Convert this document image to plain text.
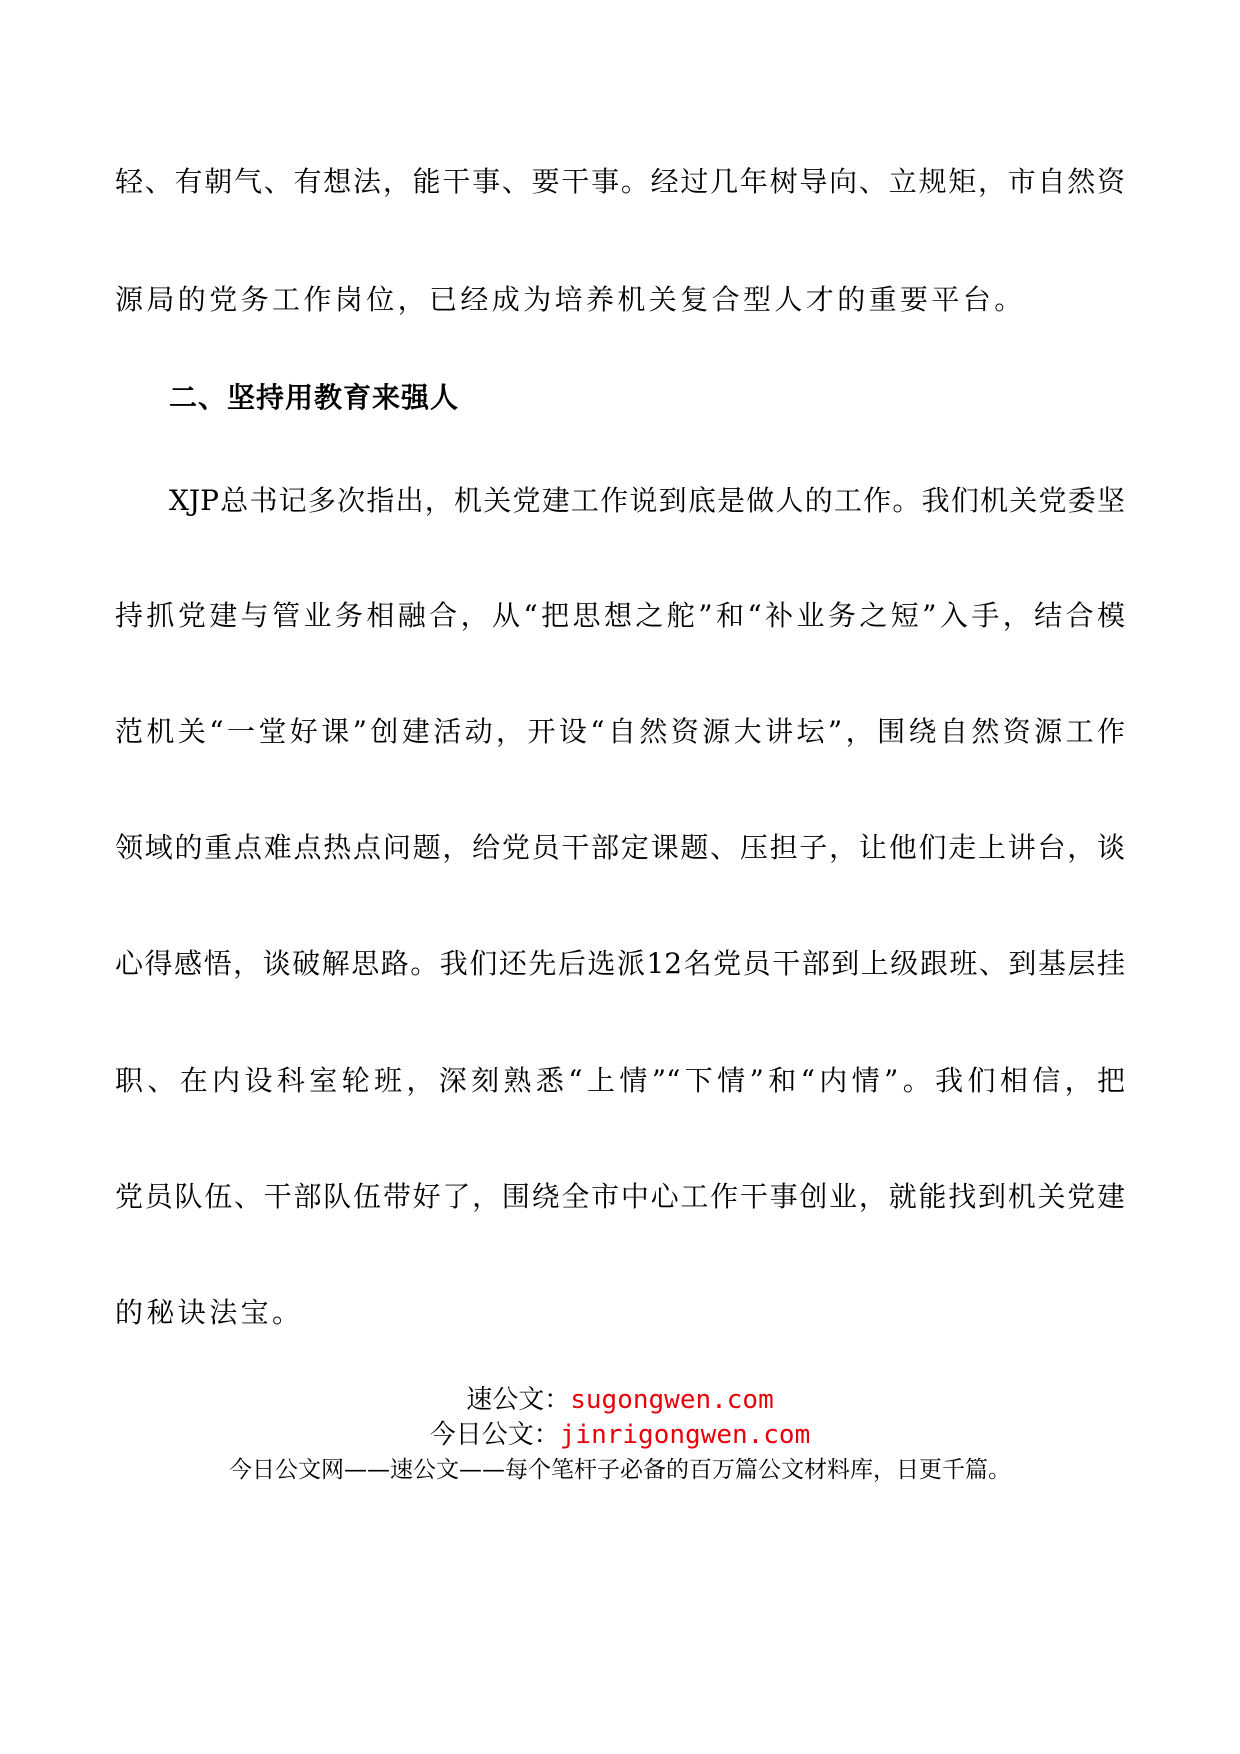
轻、有朝气、有想法，能干事、要干事。经过几年树导向、立规矩，市自然资
源局的党务工作岗位，已经成为培养机关复合型人才的重要平台。
二、坚持用教育来强人
XJP总书记多次指出，机关党建工作说到底是做人的工作。我们机关党委坚
持抓党建与管业务相融合，从“把思想之舵”和“补业务之短”入手，结合模
范机关“一堂好课”创建活动，开设“自然资源大讲坛”，围绕自然资源工作
领域的重点难点热点问题，给党员干部定课题、压担子，让他们走上讲台，谈
心得感悟，谈破解思路。我们还先后选派12名党员干部到上级跟班、到基层挂
职、在内设科室轮班，深刻熟悉“上情”“下情”和“内情”。我们相信，把
党员队伍、干部队伍带好了，围绕全市中心工作干事创业，就能找到机关党建
的秘诀法宝。
速公文：sugongwen.com
今日公文：jinrigongwen.com
今日公文网——速公文——每个笔杆子必备的百万篇公文材料库，日更千篇。
